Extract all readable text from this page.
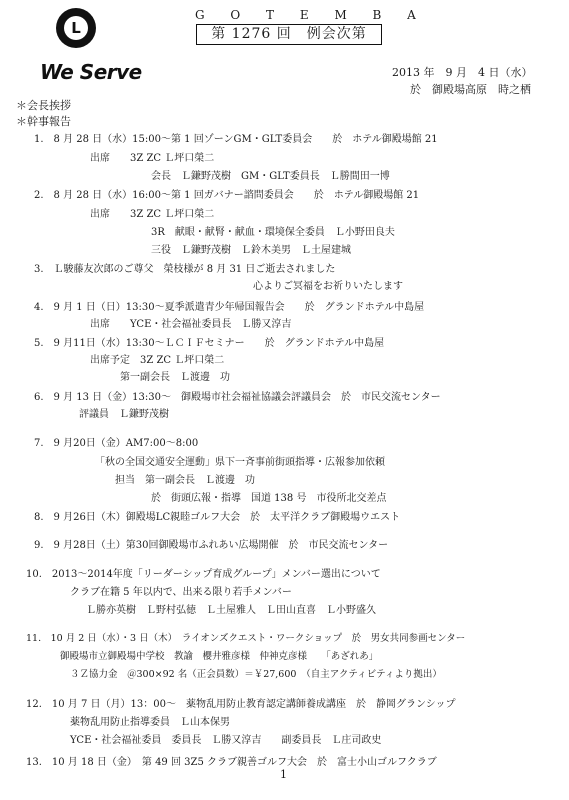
L
We Serve
G O T E M B A
第 1276 回　例会次第
2013 年　9 月　4 日（水）
於　御殿場高原　時之栖
＊会長挨拶
＊幹事報告
1.　8 月 28 日（水）15:00～第 1 回ゾーンGM・GLT委員会　　於　ホテル御殿場館 21
出席　　3Z ZC Ｌ坪口榮二
会長　Ｌ鎌野茂樹　GM・GLT委員長　Ｌ勝間田一博
2.　8 月 28 日（水）16:00～第 1 回ガバナー諮問委員会　　於　ホテル御殿場館 21
出席　　3Z ZC Ｌ坪口榮二
3R　献眼・献腎・献血・環境保全委員　Ｌ小野田良夫
三役　Ｌ鎌野茂樹　Ｌ鈴木美男　Ｌ土屋建城
3.　Ｌ駿藤友次郎のご尊父　榮枝様が 8 月 31 日ご逝去されました
心よりご冥福をお祈りいたします
4.　9 月 1 日（日）13:30～夏季派遣青少年帰国報告会　　於　グランドホテル中島屋
出席　　YCE・社会福祉委員長　Ｌ勝又淳吉
5.　9 月11日（水）13:30～ＬＣＩＦセミナー　　於　グランドホテル中島屋
出席予定　3Z ZC Ｌ坪口榮二
第一副会長　Ｌ渡邊　功
6.　9 月 13 日（金）13:30～　御殿場市社会福祉協議会評議員会　於　市民交流センター
評議員　Ｌ鎌野茂樹
7.　9 月20日（金）AM7:00～8:00
「秋の全国交通安全運動」県下一斉事前街頭指導・広報参加依頼
担当　第一副会長　Ｌ渡邊　功
於　街頭広報・指導　国道 138 号　市役所北交差点
8.　9 月26日（木）御殿場LC親睦ゴルフ大会　於　太平洋クラブ御殿場ウエスト
9.　9 月28日（土）第30回御殿場市ふれあい広場開催　於　市民交流センター
10.　2013～2014年度「リーダーシップ育成グループ」メンバー選出について
クラブ在籍 5 年以内で、出来る限り若手メンバー
Ｌ勝亦英樹　Ｌ野村弘徳　Ｌ土屋雅人　Ｌ田山直喜　Ｌ小野盛久
11.　10 月 2 日（水）・3 日（木）　ライオンズクエスト・ワークショップ　於　男女共同参画センター
御殿場市立御殿場中学校　教諭　櫻井雅彦様　仲神克彦様　　「あざれあ」
３Ｚ協力金　＠300×92 名（正会員数）＝￥27,600　（自主アクティビティより拠出）
12.　10 月 7 日（月）13：00～　薬物乱用防止教育認定講師養成講座　於　静岡グランシップ
薬物乱用防止指導委員　Ｌ山本保男
YCE・社会福祉委員　委員長　Ｌ勝又淳吉　　副委員長　Ｌ庄司政史
13.　10 月 18 日（金）　第 49 回 3Z5 クラブ親善ゴルフ大会　於　富士小山ゴルフクラブ
1
